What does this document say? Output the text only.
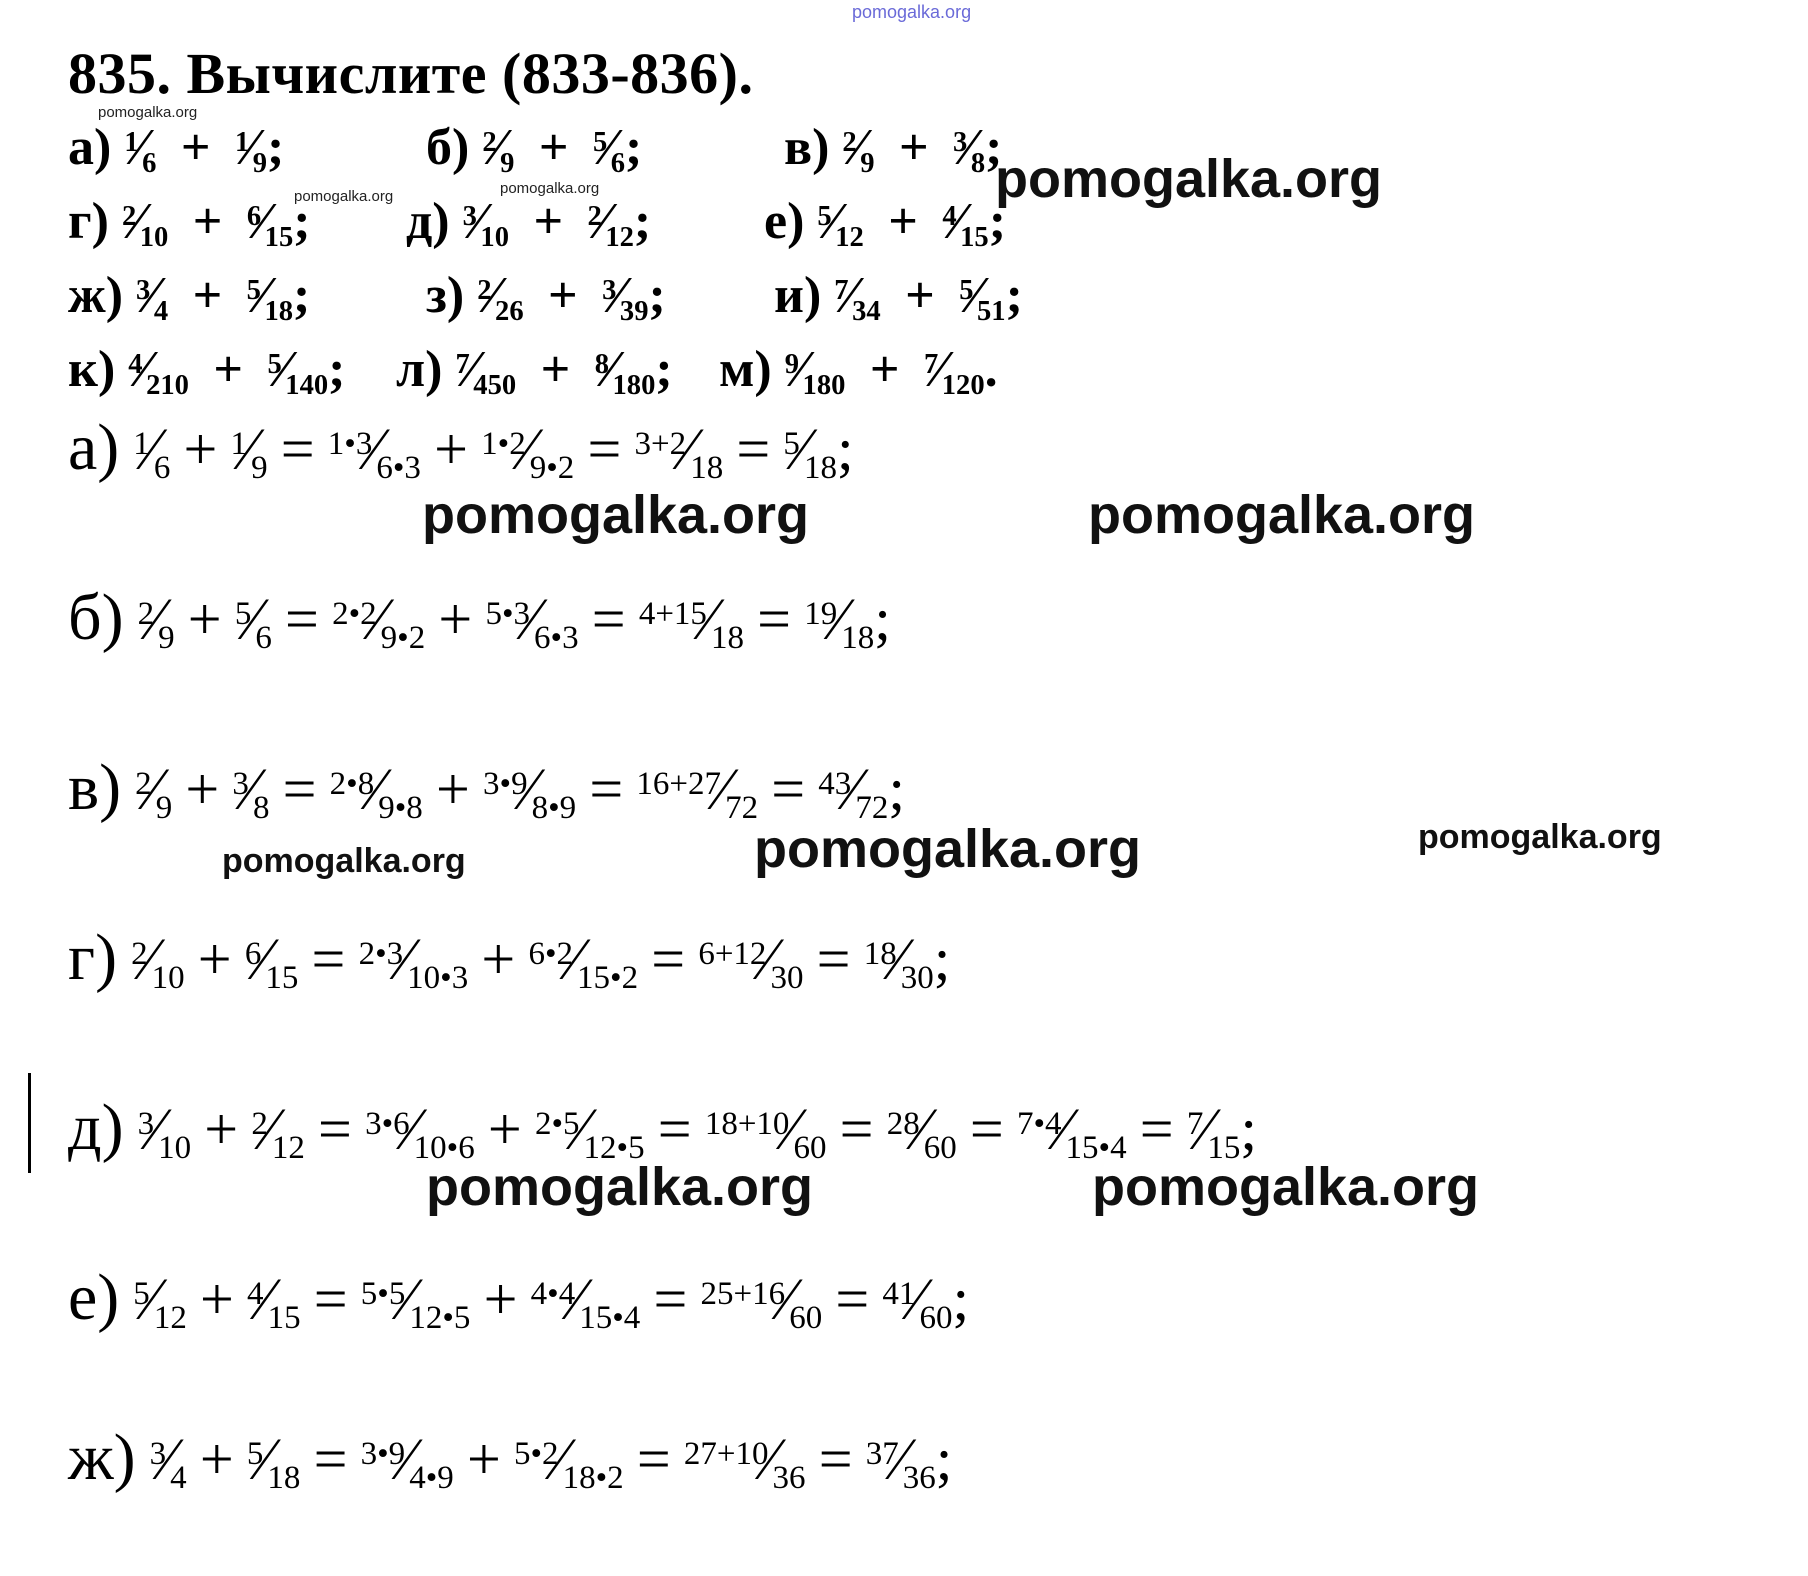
pomogalka.org
835. Вычислите (833-836).
а) $^1$⁄6 + $^1$⁄9;	б) $^2$⁄9 + $^5$⁄6;	в) $^2$⁄9 + $^3$⁄8;
г) $^2$⁄10 + $^6$⁄15; д) $^3$⁄10 + $^2$⁄12; е) $^5$⁄12 + $^4$⁄15;
ж) $^3$⁄4 + $^5$⁄18; з) $^2$⁄26 + $^3$⁄39; и) $^7$⁄34 + $^5$⁄51;
к) $^4$⁄210 + $^5$⁄140; л) $^7$⁄450 + $^8$⁄180; м) $^9$⁄180 + $^7$⁄120.
а) $^1$⁄6 + $^1$⁄9 = $^{1•3}$⁄6•3 + $^{1•2}$⁄9•2 = $^{3+2}$⁄18 = $^5$⁄18;
б) $^2$⁄9 + $^5$⁄6 = $^{2•2}$⁄9•2 + $^{5•3}$⁄6•3 = $^{4+15}$⁄18 = $^{19}$⁄18;
в) $^2$⁄9 + $^3$⁄8 = $^{2•8}$⁄9•8 + $^{3•9}$⁄8•9 = $^{16+27}$⁄72 = $^{43}$⁄72;
г) $^2$⁄10 + $^6$⁄15 = $^{2•3}$⁄10•3 + $^{6•2}$⁄15•2 = $^{6+12}$⁄30 = $^{18}$⁄30;
д) $^3$⁄10 + $^2$⁄12 = $^{3•6}$⁄10•6 + $^{2•5}$⁄12•5 = $^{18+10}$⁄60 = $^{28}$⁄60 = $^{7•4}$⁄15•4 = $^7$⁄15;
е) $^5$⁄12 + $^4$⁄15 = $^{5•5}$⁄12•5 + $^{4•4}$⁄15•4 = $^{25+16}$⁄60 = $^{41}$⁄60;
ж) $^3$⁄4 + $^5$⁄18 = $^{3•9}$⁄4•9 + $^{5•2}$⁄18•2 = $^{27+10}$⁄36 = $^{37}$⁄36;
pomogalka.org
pomogalka.org	pomogalka.org	pomogalka.org
pomogalka.org	pomogalka.org
pomogalka.org
pomogalka.org
pomogalka.org
pomogalka.org	pomogalka.org
